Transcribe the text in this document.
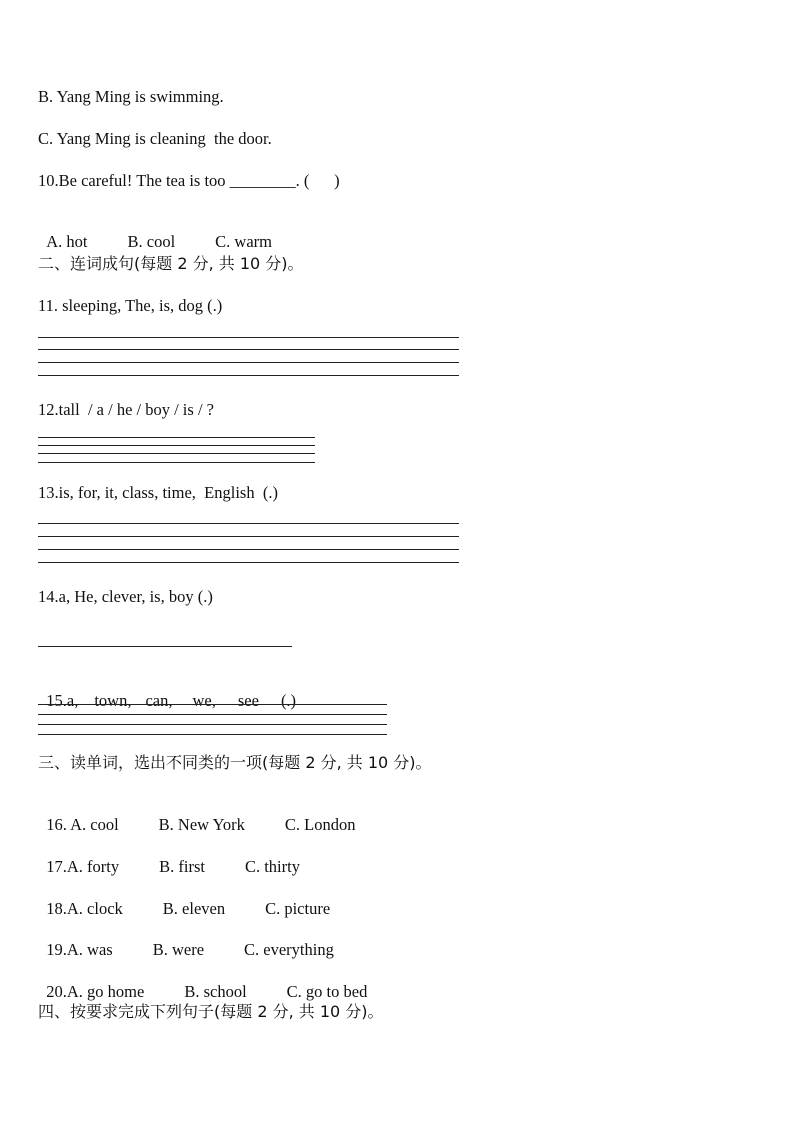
B. Yang Ming is swimming.
C. Yang Ming is cleaning  the door.
10.Be careful! The tea is too ________. (      )

A. hot B. cool C. warm

二、连词成句(每题 2 分, 共 10 分)。
11. sleeping, The, is, dog (.)
12.tall  / a / he / boy / is / ?
13.is, for, it, class, time,  English  (.)
14.a, He, clever, is, boy (.)

15.a, town, can, we, see (.)

三、读单词，选出不同类的一项(每题 2 分, 共 10 分)。

16. A. cool B. New York C. London

17.A. forty B. first C. thirty

18.A. clock B. eleven C. picture

19.A. was B. were C. everything

20.A. go home B. school C. go to bed

四、按要求完成下列句子(每题 2 分, 共 10 分)。
